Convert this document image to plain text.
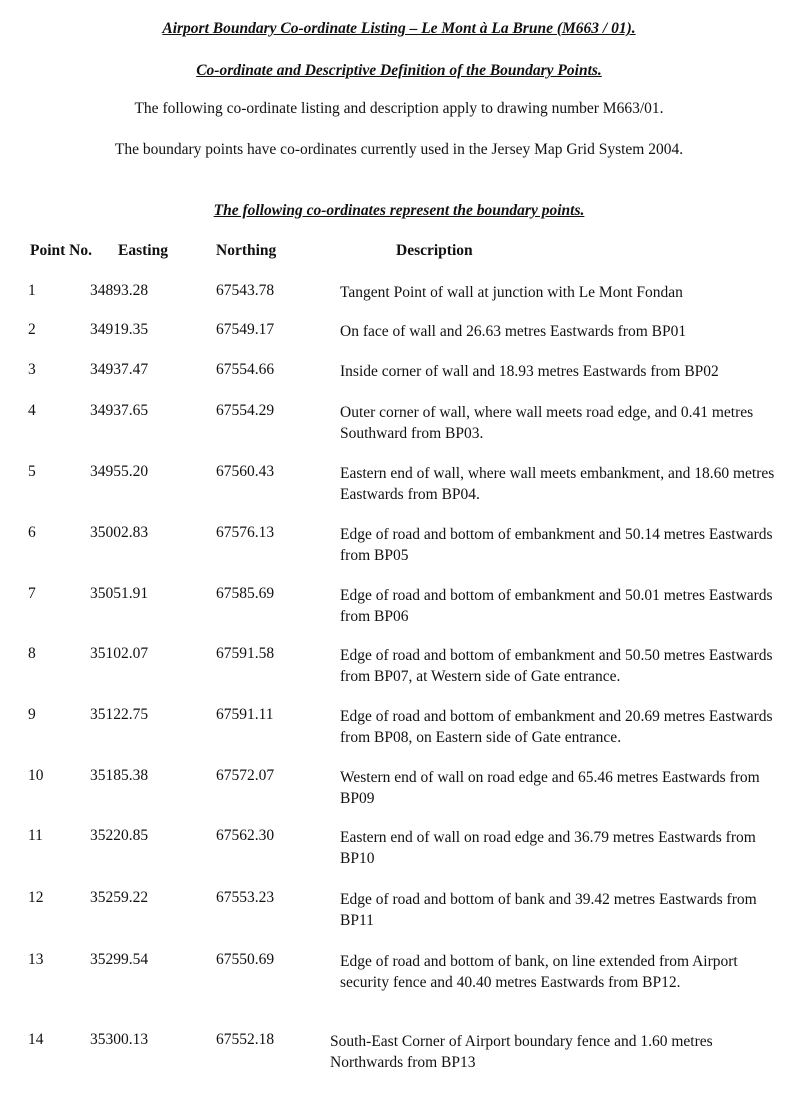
Airport Boundary Co-ordinate Listing – Le Mont à La Brune (M663 / 01).
Co-ordinate and Descriptive Definition of the Boundary Points.
The following co-ordinate listing and description apply to drawing number M663/01.
The boundary points have co-ordinates currently used in the Jersey Map Grid System 2004.
The following co-ordinates represent the boundary points.
Point No. Easting	Northing	Description
1	34893.28	67543.78	Tangent Point of wall at junction with Le Mont Fondan
2	34919.35	67549.17	On face of wall and 26.63 metres Eastwards from BP01
3	34937.47	67554.66	Inside corner of wall and 18.93 metres Eastwards from BP02
4	34937.65	67554.29	Outer corner of wall, where wall meets road edge, and 0.41 metres Southward from BP03.
5	34955.20	67560.43	Eastern end of wall, where wall meets embankment, and 18.60 metres Eastwards from BP04.
6	35002.83	67576.13	Edge of road and bottom of embankment and 50.14 metres Eastwards from BP05
7	35051.91	67585.69	Edge of road and bottom of embankment and 50.01 metres Eastwards from BP06
8	35102.07	67591.58	Edge of road and bottom of embankment and 50.50 metres Eastwards from BP07, at Western side of Gate entrance.
9	35122.75	67591.11	Edge of road and bottom of embankment and 20.69 metres Eastwards from BP08, on Eastern side of Gate entrance.
10	35185.38	67572.07	Western end of wall on road edge and 65.46 metres Eastwards from BP09
11	35220.85	67562.30	Eastern end of wall on road edge and 36.79 metres Eastwards from BP10
12	35259.22	67553.23	Edge of road and bottom of bank and 39.42 metres Eastwards from BP11
13	35299.54	67550.69	Edge of road and bottom of bank, on line extended from Airport security fence and 40.40 metres Eastwards from BP12.
14	35300.13	67552.18	South-East Corner of Airport boundary fence and 1.60 metres Northwards from BP13
